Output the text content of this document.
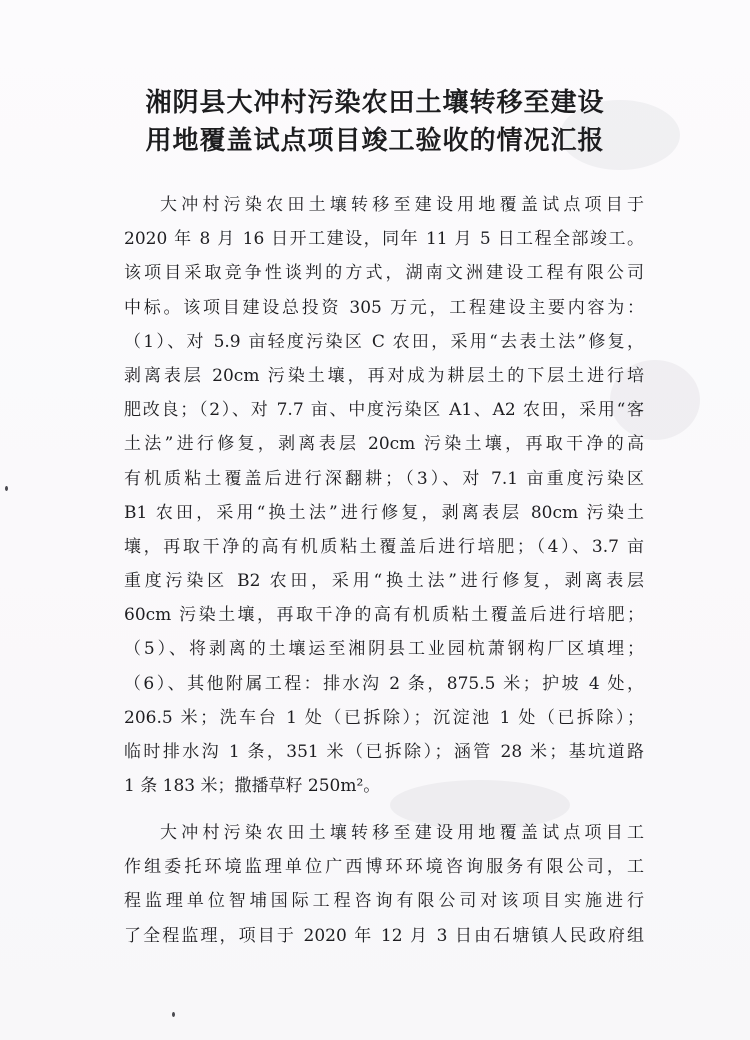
湘阴县大冲村污染农田土壤转移至建设
用地覆盖试点项目竣工验收的情况汇报
大冲村污染农田土壤转移至建设用地覆盖试点项目于
2020 年 8 月 16 日开工建设，同年 11 月 5 日工程全部竣工。
该项目采取竞争性谈判的方式，湖南文洲建设工程有限公司
中标。该项目建设总投资 305 万元，工程建设主要内容为：
（1）、对 5.9 亩轻度污染区 C 农田，采用“去表土法”修复，
剥离表层 20cm 污染土壤，再对成为耕层土的下层土进行培
肥改良；（2）、对 7.7 亩、中度污染区 A1、A2 农田，采用“客
土法”进行修复，剥离表层 20cm 污染土壤，再取干净的高
有机质粘土覆盖后进行深翻耕；（3）、对 7.1 亩重度污染区
B1 农田，采用“换土法”进行修复，剥离表层 80cm 污染土
壤，再取干净的高有机质粘土覆盖后进行培肥；（4）、3.7 亩
重度污染区 B2 农田，采用“换土法”进行修复，剥离表层
60cm 污染土壤，再取干净的高有机质粘土覆盖后进行培肥；
（5）、将剥离的土壤运至湘阴县工业园杭萧钢构厂区填埋；
（6）、其他附属工程：排水沟 2 条，875.5 米；护坡 4 处，
206.5 米；洗车台 1 处（已拆除）；沉淀池 1 处（已拆除）；
临时排水沟 1 条，351 米（已拆除）；涵管 28 米；基坑道路
1 条 183 米；撒播草籽 250m²。
大冲村污染农田土壤转移至建设用地覆盖试点项目工
作组委托环境监理单位广西博环环境咨询服务有限公司，工
程监理单位智埔国际工程咨询有限公司对该项目实施进行
了全程监理，项目于 2020 年 12 月 3 日由石塘镇人民政府组
